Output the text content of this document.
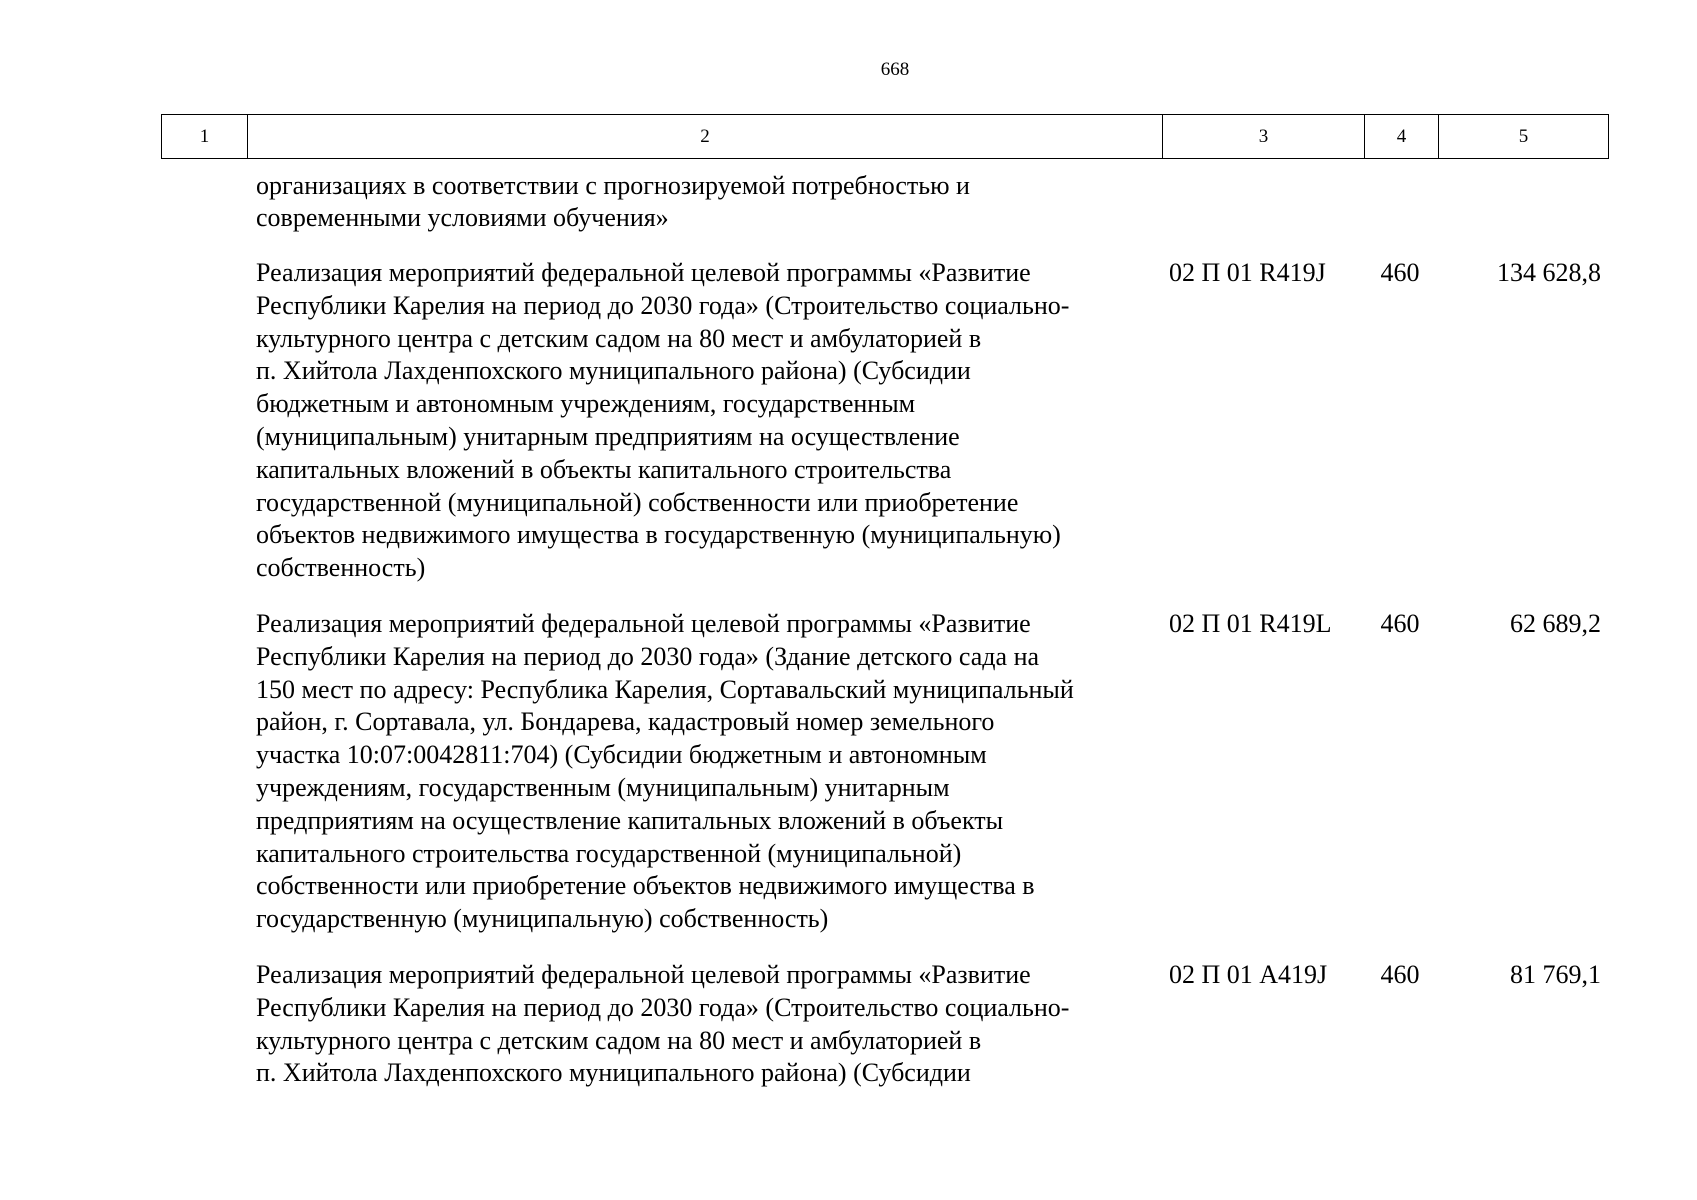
668
1	2	3	4	5
организациях в соответствии с прогнозируемой потребностью и
современными условиями обучения»
Реализация мероприятий федеральной целевой программы «Развитие
Республики Карелия на период до 2030 года» (Строительство социально-
культурного центра с детским садом на 80 мест и амбулаторией в
п. Хийтола Лахденпохского муниципального района) (Субсидии
бюджетным и автономным учреждениям, государственным
(муниципальным) унитарным предприятиям на осуществление
капитальных вложений в объекты капитального строительства
государственной (муниципальной) собственности или приобретение
объектов недвижимого имущества в государственную (муниципальную)
собственность)
02 П 01 R419J	460	134 628,8
Реализация мероприятий федеральной целевой программы «Развитие
Республики Карелия на период до 2030 года» (Здание детского сада на
150 мест по адресу: Республика Карелия, Сортавальский муниципальный
район, г. Сортавала, ул. Бондарева, кадастровый номер земельного
участка 10:07:0042811:704) (Субсидии бюджетным и автономным
учреждениям, государственным (муниципальным) унитарным
предприятиям на осуществление капитальных вложений в объекты
капитального строительства государственной (муниципальной)
собственности или приобретение объектов недвижимого имущества в
государственную (муниципальную) собственность)
02 П 01 R419L	460	62 689,2
Реализация мероприятий федеральной целевой программы «Развитие
Республики Карелия на период до 2030 года» (Строительство социально-
культурного центра с детским садом на 80 мест и амбулаторией в
п. Хийтола Лахденпохского муниципального района) (Субсидии
02 П 01 A419J	460	81 769,1
